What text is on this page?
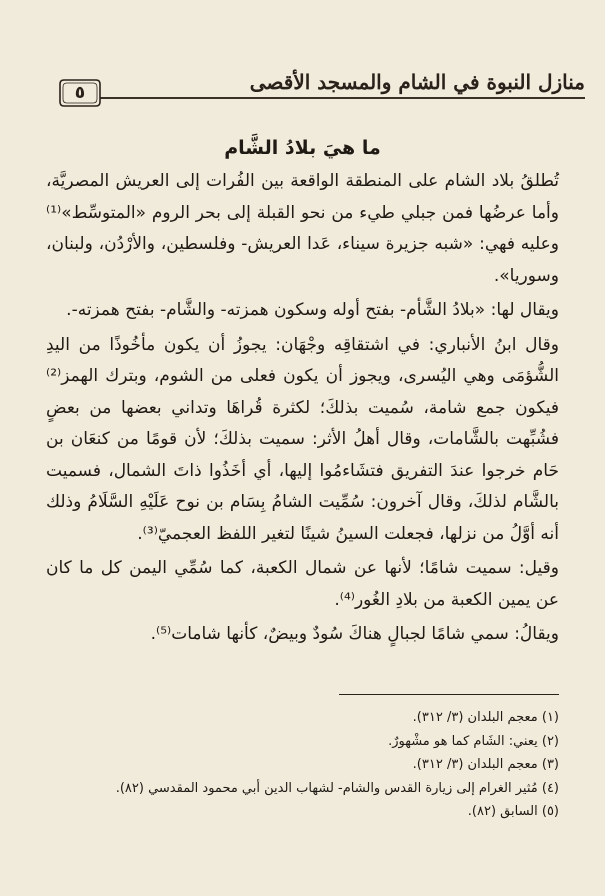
منازل النبوة في الشام والمسجد الأقصى
٥
ما هيَ بلادُ الشَّام

تُطلقُ بلاد الشام على المنطقة الواقعة بين الفُرات إلى العريش المصريَّة، وأما عرضُها فمن جبلي طيء من نحو القبلة إلى بحر الروم «المتوسِّط»⁽¹⁾ وعليه فهي: «شبه جزيرة سيناء، عَدا العريش- وفلسطين، والأرْدُن، ولبنان، وسوريا».

ويقال لها: «بلادُ الشَّأم- بفتح أوله وسكون همزته- والشَّام- بفتح همزته-.

وقال ابنُ الأنباري: في اشتقاقِه وجْهَان: يجوزُ أن يكون مأخُوذًا من اليدِ الشُّؤمَى وهي اليُسرى، ويجوز أن يكون فعلى من الشوم، وبترك الهمز⁽²⁾ فيكون جمع شامة، سُميت بذلكَ؛ لكثرة قُراهَا وتداني بعضها من بعضٍ فشُبِّهت بالشَّامات، وقال أهلُ الأثر: سميت بذلكَ؛ لأن قومًا من كنعَان بن حَام خرجوا عندَ التفريق فتشَاءمُوا إليها، أي أخَذُوا ذاتَ الشمال، فسميت بالشَّام لذلكَ، وقال آخرون: سُمِّيت الشامُ بِسَام بن نوح عَلَيْهِ السَّلَامُ وذلك أنه أوَّلُ من نزلها، فجعلت السينُ شينًا لتغير اللفظ العجميّ⁽³⁾.

وقيل: سميت شامًا؛ لأنها عن شمال الكعبة، كما سُمِّي اليمن كل ما كان عن يمين الكعبة من بلادِ الغُور⁽⁴⁾.

ويقالُ: سمي شامًا لجبالٍ هناكَ سُودٌ وبيضٌ، كأنها شامات⁽⁵⁾.

(١) معجم البلدان (٣/ ٣١٢).

(٢) يعني: الشَام كما هو مشْهورٌ.

(٣) معجم البلدان (٣/ ٣١٢).

(٤) مُثير الغرام إلى زيارة القدس والشام- لشهاب الدين أبي محمود المقدسي (٨٢).

(٥) السابق (٨٢).
